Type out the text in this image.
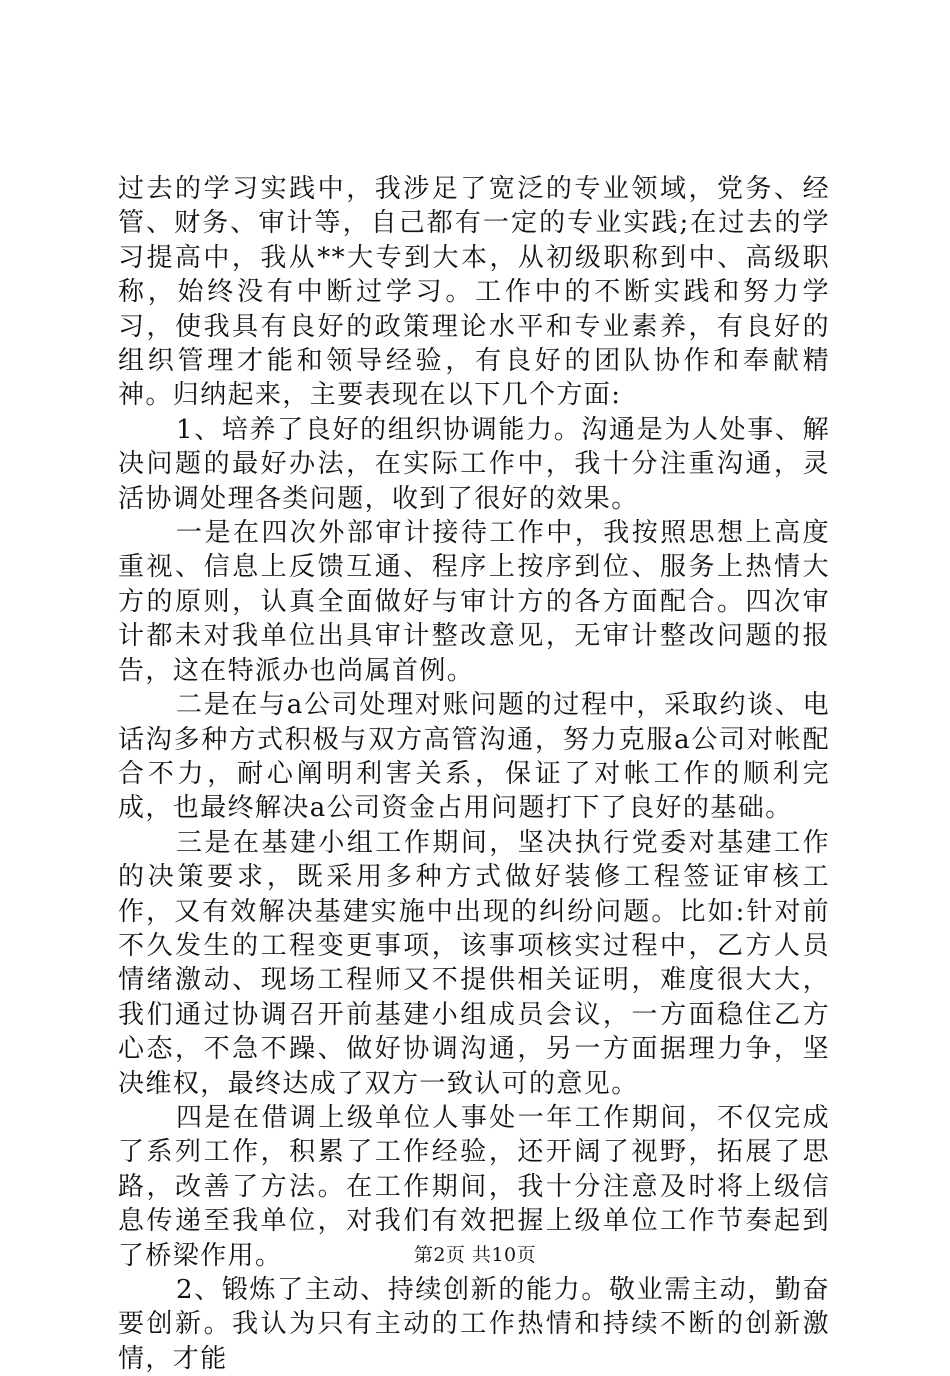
过去的学习实践中，我涉足了宽泛的专业领域，党务、经管、财务、审计等，自己都有一定的专业实践;在过去的学习提高中，我从**大专到大本，从初级职称到中、高级职称，始终没有中断过学习。工作中的不断实践和努力学习，使我具有良好的政策理论水平和专业素养，有良好的组织管理才能和领导经验，有良好的团队协作和奉献精神。归纳起来，主要表现在以下几个方面:

1、培养了良好的组织协调能力。沟通是为人处事、解决问题的最好办法，在实际工作中，我十分注重沟通，灵活协调处理各类问题，收到了很好的效果。

一是在四次外部审计接待工作中，我按照思想上高度重视、信息上反馈互通、程序上按序到位、服务上热情大方的原则，认真全面做好与审计方的各方面配合。四次审计都未对我单位出具审计整改意见，无审计整改问题的报告，这在特派办也尚属首例。

二是在与a公司处理对账问题的过程中，采取约谈、电话沟多种方式积极与双方高管沟通，努力克服a公司对帐配合不力，耐心阐明利害关系，保证了对帐工作的顺利完成，也最终解决a公司资金占用问题打下了良好的基础。

三是在基建小组工作期间，坚决执行党委对基建工作的决策要求，既采用多种方式做好装修工程签证审核工作，又有效解决基建实施中出现的纠纷问题。比如:针对前不久发生的工程变更事项，该事项核实过程中，乙方人员情绪激动、现场工程师又不提供相关证明，难度很大大，我们通过协调召开前基建小组成员会议，一方面稳住乙方心态，不急不躁、做好协调沟通，另一方面据理力争，坚决维权，最终达成了双方一致认可的意见。

四是在借调上级单位人事处一年工作期间，不仅完成了系列工作，积累了工作经验，还开阔了视野，拓展了思路，改善了方法。在工作期间，我十分注意及时将上级信息传递至我单位，对我们有效把握上级单位工作节奏起到了桥梁作用。

2、锻炼了主动、持续创新的能力。敬业需主动，勤奋要创新。我认为只有主动的工作热情和持续不断的创新激情，才能

第2页 共10页
